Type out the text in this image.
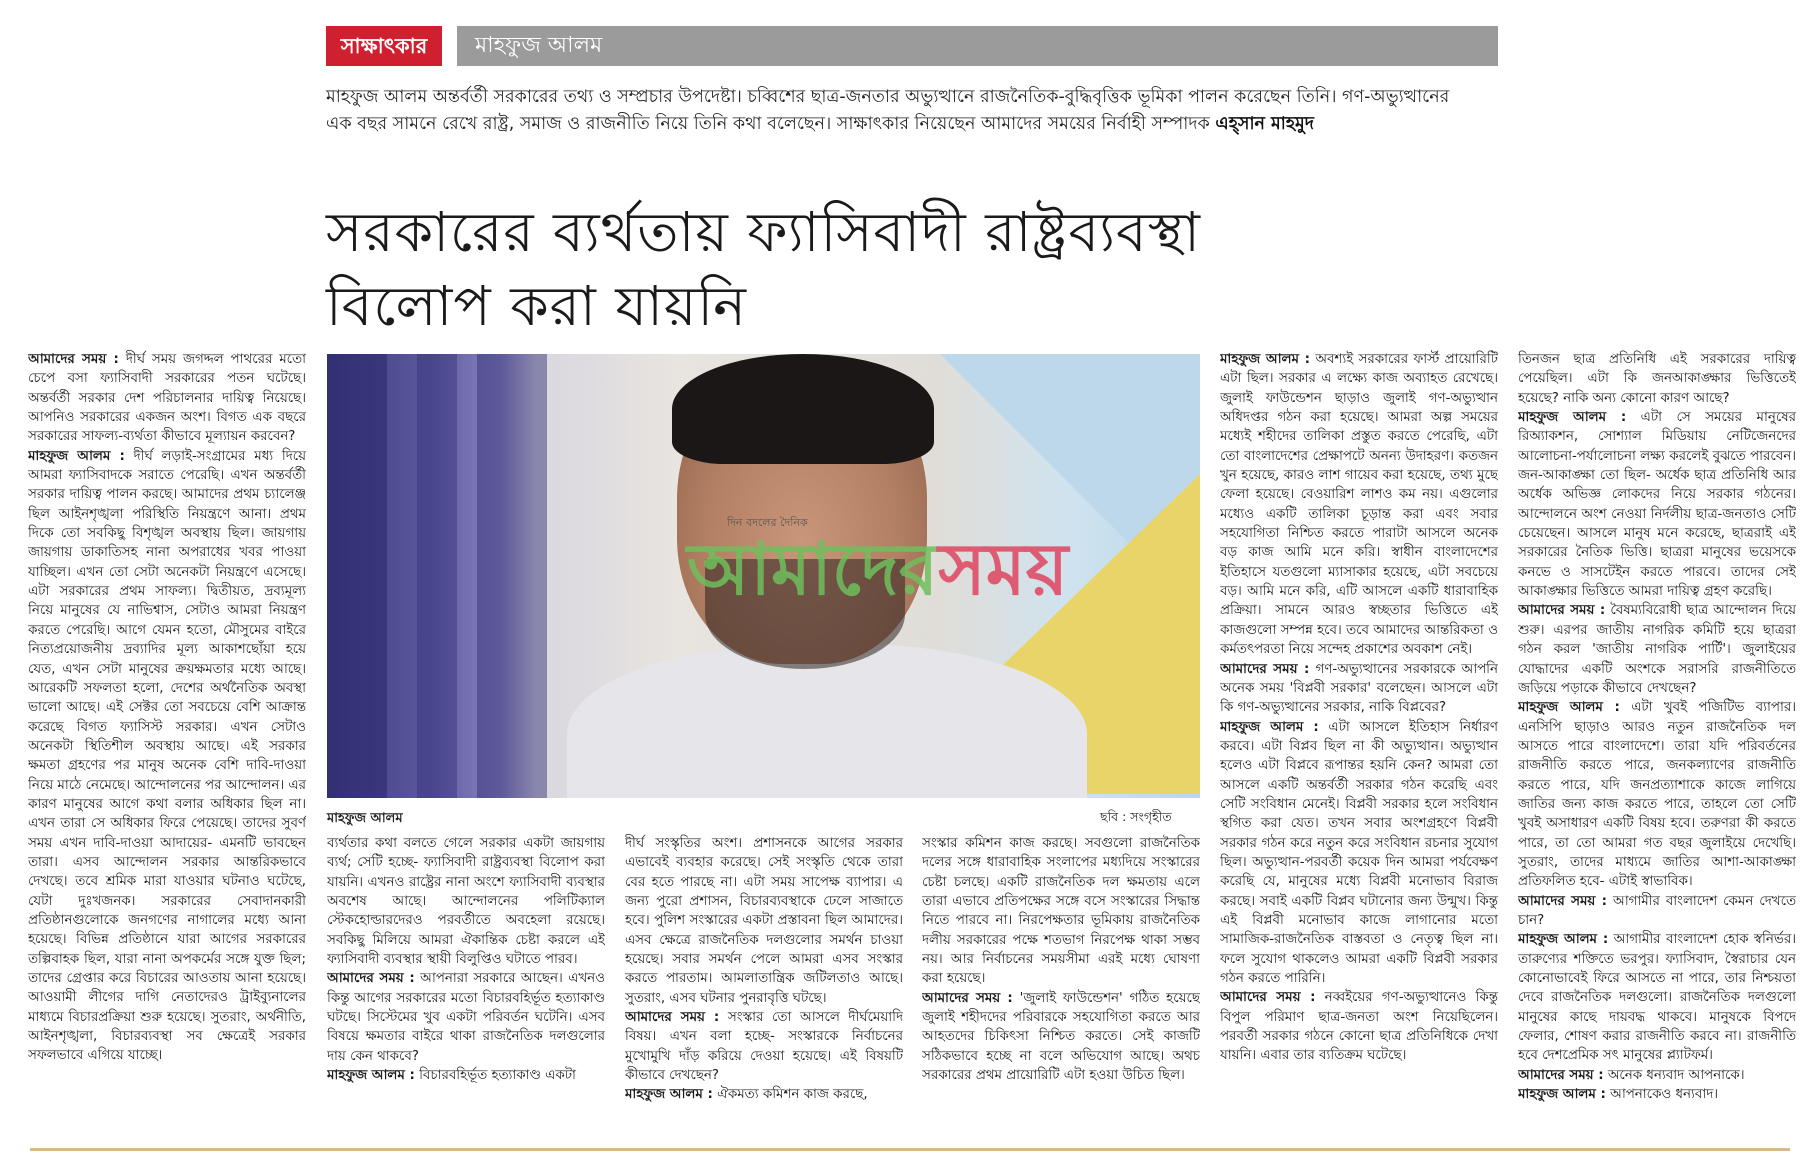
সাক্ষাৎকার	মাহফুজ আলম
মাহফুজ আলম অন্তর্বর্তী সরকারের তথ্য ও সম্প্রচার উপদেষ্টা। চব্বিশের ছাত্র-জনতার অভ্যুত্থানে রাজনৈতিক-বুদ্ধিবৃত্তিক ভূমিকা পালন করেছেন তিনি। গণ-অভ্যুত্থানের এক বছর সামনে রেখে রাষ্ট্র, সমাজ ও রাজনীতি নিয়ে তিনি কথা বলেছেন। সাক্ষাৎকার নিয়েছেন আমাদের সময়ের নির্বাহী সম্পাদক এহ্‌সান মাহমুদ
সরকারের ব্যর্থতায় ফ্যাসিবাদী রাষ্ট্রব্যবস্থা
বিলোপ করা যায়নি

আমাদের সময় : দীর্ঘ সময় জগদ্দল পাথরের মতো চেপে বসা ফ্যাসিবাদী সরকারের পতন ঘটেছে। অন্তর্বর্তী সরকার দেশ পরিচালনার দায়িত্ব নিয়েছে। আপনিও সরকারের একজন অংশ। বিগত এক বছরে সরকারের সাফল্য-ব্যর্থতা কীভাবে মূল্যায়ন করবেন?

মাহফুজ আলম : দীর্ঘ লড়াই-সংগ্রামের মধ্য দিয়ে আমরা ফ্যাসিবাদকে সরাতে পেরেছি। এখন অন্তর্বর্তী সরকার দায়িত্ব পালন করছে। আমাদের প্রথম চ্যালেঞ্জ ছিল আইনশৃঙ্খলা পরিস্থিতি নিয়ন্ত্রণে আনা। প্রথম দিকে তো সবকিছু বিশৃঙ্খল অবস্থায় ছিল। জায়গায় জায়গায় ডাকাতিসহ নানা অপরাধের খবর পাওয়া যাচ্ছিল। এখন তো সেটা অনেকটা নিয়ন্ত্রণে এসেছে। এটা সরকারের প্রথম সাফল্য। দ্বিতীয়ত, দ্রব্যমূল্য নিয়ে মানুষের যে নাভিশ্বাস, সেটাও আমরা নিয়ন্ত্রণ করতে পেরেছি। আগে যেমন হতো, মৌসুমের বাইরে নিত্যপ্রয়োজনীয় দ্রব্যাদির মূল্য আকাশছোঁয়া হয়ে যেত, এখন সেটা মানুষের ক্রয়ক্ষমতার মধ্যে আছে। আরেকটি সফলতা হলো, দেশের অর্থনৈতিক অবস্থা ভালো আছে। এই সেক্টর তো সবচেয়ে বেশি আক্রান্ত করেছে বিগত ফ্যাসিস্ট সরকার। এখন সেটাও অনেকটা স্থিতিশীল অবস্থায় আছে। এই সরকার ক্ষমতা গ্রহণের পর মানুষ অনেক বেশি দাবি-দাওয়া নিয়ে মাঠে নেমেছে। আন্দোলনের পর আন্দোলন। এর কারণ মানুষের আগে কথা বলার অধিকার ছিল না। এখন তারা সে অধিকার ফিরে পেয়েছে। তাদের সুবর্ণ সময় এখন দাবি-দাওয়া আদায়ের- এমনটি ভাবছেন তারা। এসব আন্দোলন সরকার আন্তরিকভাবে দেখছে। তবে শ্রমিক মারা যাওয়ার ঘটনাও ঘটেছে, যেটা দুঃখজনক। সরকারের সেবাদানকারী প্রতিষ্ঠানগুলোকে জনগণের নাগালের মধ্যে আনা হয়েছে। বিভিন্ন প্রতিষ্ঠানে যারা আগের সরকারের তল্পিবাহক ছিল, যারা নানা অপকর্মের সঙ্গে যুক্ত ছিল; তাদের গ্রেপ্তার করে বিচারের আওতায় আনা হয়েছে। আওয়ামী লীগের দাগি নেতাদেরও ট্রাইব্যুনালের মাধ্যমে বিচারপ্রক্রিয়া শুরু হয়েছে। সুতরাং, অর্থনীতি, আইনশৃঙ্খলা, বিচারব্যবস্থা সব ক্ষেত্রেই সরকার সফলভাবে এগিয়ে যাচ্ছে।

দিন বদলের দৈনিক
আমাদেরসময়
মাহফুজ আলম	ছবি : সংগৃহীত

ব্যর্থতার কথা বলতে গেলে সরকার একটা জায়গায় ব্যর্থ; সেটি হচ্ছে- ফ্যাসিবাদী রাষ্ট্রব্যবস্থা বিলোপ করা যায়নি। এখনও রাষ্ট্রের নানা অংশে ফ্যাসিবাদী ব্যবস্থার অবশেষ আছে। আন্দোলনের পলিটিক্যাল স্টেকহোল্ডারদেরও পরবর্তীতে অবহেলা রয়েছে। সবকিছু মিলিয়ে আমরা ঐকান্তিক চেষ্টা করলে এই ফ্যাসিবাদী ব্যবস্থার স্থায়ী বিলুপ্তিও ঘটাতে পারব।

আমাদের সময় : আপনারা সরকারে আছেন। এখনও কিন্তু আগের সরকারের মতো বিচারবহির্ভূত হত্যাকাণ্ড ঘটছে। সিস্টেমের খুব একটা পরিবর্তন ঘটেনি। এসব বিষয়ে ক্ষমতার বাইরে থাকা রাজনৈতিক দলগুলোর দায় কেন থাকবে?

মাহফুজ আলম : বিচারবহির্ভূত হত্যাকাণ্ড একটা

দীর্ঘ সংস্কৃতির অংশ। প্রশাসনকে আগের সরকার এভাবেই ব্যবহার করেছে। সেই সংস্কৃতি থেকে তারা বের হতে পারছে না। এটা সময় সাপেক্ষ ব্যাপার। এ জন্য পুরো প্রশাসন, বিচারব্যবস্থাকে ঢেলে সাজাতে হবে। পুলিশ সংস্কারের একটা প্রস্তাবনা ছিল আমাদের। এসব ক্ষেত্রে রাজনৈতিক দলগুলোর সমর্থন চাওয়া হয়েছে। সবার সমর্থন পেলে আমরা এসব সংস্কার করতে পারতাম। আমলাতান্ত্রিক জটিলতাও আছে। সুতরাং, এসব ঘটনার পুনরাবৃত্তি ঘটছে।

আমাদের সময় : সংস্কার তো আসলে দীর্ঘমেয়াদি বিষয়। এখন বলা হচ্ছে- সংস্কারকে নির্বাচনের মুখোমুখি দাঁড় করিয়ে দেওয়া হয়েছে। এই বিষয়টি কীভাবে দেখছেন?

মাহফুজ আলম : ঐকমত্য কমিশন কাজ করছে,

সংস্কার কমিশন কাজ করছে। সবগুলো রাজনৈতিক দলের সঙ্গে ধারাবাহিক সংলাপের মধ্যদিয়ে সংস্কারের চেষ্টা চলছে। একটি রাজনৈতিক দল ক্ষমতায় এলে তারা এভাবে প্রতিপক্ষের সঙ্গে বসে সংস্কারের সিদ্ধান্ত নিতে পারবে না। নিরপেক্ষতার ভূমিকায় রাজনৈতিক দলীয় সরকারের পক্ষে শতভাগ নিরপেক্ষ থাকা সম্ভব নয়। আর নির্বাচনের সময়সীমা এরই মধ্যে ঘোষণা করা হয়েছে।

আমাদের সময় : 'জুলাই ফাউন্ডেশন' গঠিত হয়েছে জুলাই শহীদদের পরিবারকে সহযোগিতা করতে আর আহতদের চিকিৎসা নিশ্চিত করতে। সেই কাজটি সঠিকভাবে হচ্ছে না বলে অভিযোগ আছে। অথচ সরকারের প্রথম প্রায়োরিটি এটা হওয়া উচিত ছিল।

মাহফুজ আলম : অবশ্যই সরকারের ফার্স্ট প্রায়োরিটি এটা ছিল। সরকার এ লক্ষ্যে কাজ অব্যাহত রেখেছে। জুলাই ফাউন্ডেশন ছাড়াও জুলাই গণ-অভ্যুত্থান অধিদপ্তর গঠন করা হয়েছে। আমরা অল্প সময়ের মধ্যেই শহীদের তালিকা প্রস্তুত করতে পেরেছি, এটা তো বাংলাদেশের প্রেক্ষাপটে অনন্য উদাহরণ। কতজন খুন হয়েছে, কারও লাশ গায়েব করা হয়েছে, তথ্য মুছে ফেলা হয়েছে। বেওয়ারিশ লাশও কম নয়। এগুলোর মধ্যেও একটি তালিকা চূড়ান্ত করা এবং সবার সহযোগিতা নিশ্চিত করতে পারাটা আসলে অনেক বড় কাজ আমি মনে করি। স্বাধীন বাংলাদেশের ইতিহাসে যতগুলো ম্যাসাকার হয়েছে, এটা সবচেয়ে বড়। আমি মনে করি, এটি আসলে একটি ধারাবাহিক প্রক্রিয়া। সামনে আরও স্বচ্ছতার ভিত্তিতে এই কাজগুলো সম্পন্ন হবে। তবে আমাদের আন্তরিকতা ও কর্মতৎপরতা নিয়ে সন্দেহ প্রকাশের অবকাশ নেই।

আমাদের সময় : গণ-অভ্যুত্থানের সরকারকে আপনি অনেক সময় 'বিপ্লবী সরকার' বলেছেন। আসলে এটা কি গণ-অভ্যুত্থানের সরকার, নাকি বিপ্লবের?

মাহফুজ আলম : এটা আসলে ইতিহাস নির্ধারণ করবে। এটা বিপ্লব ছিল না কী অভ্যুত্থান। অভ্যুত্থান হলেও এটা বিপ্লবে রূপান্তর হয়নি কেন? আমরা তো আসলে একটি অন্তর্বর্তী সরকার গঠন করেছি এবং সেটি সংবিধান মেনেই। বিপ্লবী সরকার হলে সংবিধান স্থগিত করা যেত। তখন সবার অংশগ্রহণে বিপ্লবী সরকার গঠন করে নতুন করে সংবিধান রচনার সুযোগ ছিল। অভ্যুত্থান-পরবর্তী কয়েক দিন আমরা পর্যবেক্ষণ করেছি যে, মানুষের মধ্যে বিপ্লবী মনোভাব বিরাজ করছে। সবাই একটি বিপ্লব ঘটানোর জন্য উন্মুখ। কিন্তু এই বিপ্লবী মনোভাব কাজে লাগানোর মতো সামাজিক-রাজনৈতিক বাস্তবতা ও নেতৃত্ব ছিল না। ফলে সুযোগ থাকলেও আমরা একটি বিপ্লবী সরকার গঠন করতে পারিনি।

আমাদের সময় : নব্বইয়ের গণ-অভ্যুত্থানেও কিন্তু বিপুল পরিমাণ ছাত্র-জনতা অংশ নিয়েছিলেন। পরবর্তী সরকার গঠনে কোনো ছাত্র প্রতিনিধিকে দেখা যায়নি। এবার তার ব্যতিক্রম ঘটেছে।

তিনজন ছাত্র প্রতিনিধি এই সরকারের দায়িত্ব পেয়েছিল। এটা কি জনআকাঙ্ক্ষার ভিত্তিতেই হয়েছে? নাকি অন্য কোনো কারণ আছে?

মাহফুজ আলম : এটা সে সময়ের মানুষের রিঅ্যাকশন, সোশ্যাল মিডিয়ায় নেটিজেনদের আলোচনা-পর্যালোচনা লক্ষ্য করলেই বুঝতে পারবেন। জন-আকাঙ্ক্ষা তো ছিল- অর্ধেক ছাত্র প্রতিনিধি আর অর্ধেক অভিজ্ঞ লোকদের নিয়ে সরকার গঠনের। আন্দোলনে অংশ নেওয়া নির্দলীয় ছাত্র-জনতাও সেটি চেয়েছেন। আসলে মানুষ মনে করেছে, ছাত্ররাই এই সরকারের নৈতিক ভিত্তি। ছাত্ররা মানুষের ভয়েসকে কনভে ও সাসটেইন করতে পারবে। তাদের সেই আকাঙ্ক্ষার ভিত্তিতে আমরা দায়িত্ব গ্রহণ করেছি।

আমাদের সময় : বৈষম্যবিরোধী ছাত্র আন্দোলন দিয়ে শুরু। এরপর জাতীয় নাগরিক কমিটি হয়ে ছাত্ররা গঠন করল 'জাতীয় নাগরিক পার্টি'। জুলাইয়ের যোদ্ধাদের একটি অংশকে সরাসরি রাজনীতিতে জড়িয়ে পড়াকে কীভাবে দেখছেন?

মাহফুজ আলম : এটা খুবই পজিটিভ ব্যাপার। এনসিপি ছাড়াও আরও নতুন রাজনৈতিক দল আসতে পারে বাংলাদেশে। তারা যদি পরিবর্তনের রাজনীতি করতে পারে, জনকল্যাণের রাজনীতি করতে পারে, যদি জনপ্রত্যাশাকে কাজে লাগিয়ে জাতির জন্য কাজ করতে পারে, তাহলে তো সেটি খুবই অসাধারণ একটি বিষয় হবে। তরুণরা কী করতে পারে, তা তো আমরা গত বছর জুলাইয়ে দেখেছি। সুতরাং, তাদের মাধ্যমে জাতির আশা-আকাঙ্ক্ষা প্রতিফলিত হবে- এটাই স্বাভাবিক।

আমাদের সময় : আগামীর বাংলাদেশ কেমন দেখতে চান?

মাহফুজ আলম : আগামীর বাংলাদেশ হোক স্বনির্ভর। তারুণ্যের শক্তিতে ভরপুর। ফ্যাসিবাদ, স্বৈরাচার যেন কোনোভাবেই ফিরে আসতে না পারে, তার নিশ্চয়তা দেবে রাজনৈতিক দলগুলো। রাজনৈতিক দলগুলো মানুষের কাছে দায়বদ্ধ থাকবে। মানুষকে বিপদে ফেলার, শোষণ করার রাজনীতি করবে না। রাজনীতি হবে দেশপ্রেমিক সৎ মানুষের প্ল্যাটফর্ম।

আমাদের সময় : অনেক ধন্যবাদ আপনাকে।

মাহফুজ আলম : আপনাকেও ধন্যবাদ।
